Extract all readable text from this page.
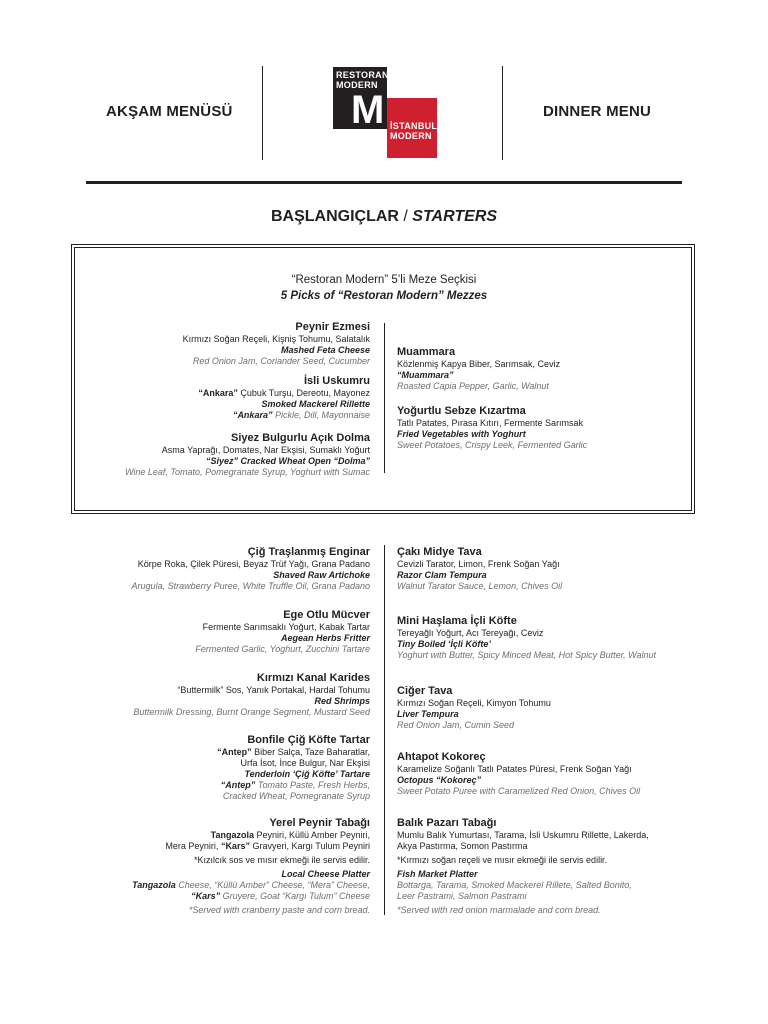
AKŞAM MENÜSÜ
RESTORAN
MODERN
M İSTANBUL
MODERN
DINNER MENU
BAŞLANGIÇLAR / STARTERS
“Restoran Modern” 5’li Meze Seçkisi
5 Picks of “Restoran Modern” Mezzes
Peynir Ezmesi
Kırmızı Soğan Reçeli, Kişniş Tohumu, Salatalık
Mashed Feta Cheese
Red Onion Jam, Coriander Seed, Cucumber
İsli Uskumru
“Ankara” Çubuk Turşu, Dereotu, Mayonez
Smoked Mackerel Rillette
“Ankara” Pickle, Dill, Mayonnaise
Siyez Bulgurlu Açık Dolma
Asma Yaprağı, Domates, Nar Ekşisi, Sumaklı Yoğurt
“Siyez” Cracked Wheat Open “Dolma”
Wine Leaf, Tomato, Pomegranate Syrup, Yoghurt with Sumac
Muammara
Közlenmiş Kapya Biber, Sarımsak, Ceviz
“Muammara”
Roasted Capia Pepper, Garlic, Walnut
Yoğurtlu Sebze Kızartma
Tatlı Patates, Pırasa Kıtırı, Fermente Sarımsak
Fried Vegetables with Yoghurt
Sweet Potatoes, Crispy Leek, Fermented Garlic
Çiğ Traşlanmış Enginar
Körpe Roka, Çilek Püresi, Beyaz Trüf Yağı, Grana Padano
Shaved Raw Artichoke
Arugula, Strawberry Puree, White Truffle Oil, Grana Padano
Ege Otlu Mücver
Fermente Sarımsaklı Yoğurt, Kabak Tartar
Aegean Herbs Fritter
Fermented Garlic, Yoghurt, Zucchini Tartare
Kırmızı Kanal Karides
“Buttermilk” Sos, Yanık Portakal, Hardal Tohumu
Red Shrimps
Buttermilk Dressing, Burnt Orange Segment, Mustard Seed
Bonfile Çiğ Köfte Tartar
“Antep” Biber Salça, Taze Baharatlar,
Urfa İsot, İnce Bulgur, Nar Ekşisi
Tenderloin ‘Çiğ Köfte’ Tartare
“Antep” Tomato Paste, Fresh Herbs,
Cracked Wheat, Pomegranate Syrup
Yerel Peynir Tabağı
Tangazola Peyniri, Küllü Amber Peyniri,
Mera Peyniri, “Kars” Gravyeri, Kargı Tulum Peyniri
*Kızılcık sos ve mısır ekmeği ile servis edilir.
Local Cheese Platter
Tangazola Cheese, “Küllü Amber” Cheese, “Mera” Cheese,
“Kars” Gruyere, Goat “Kargı Tulum” Cheese
*Served with cranberry paste and corn bread.
Çakı Midye Tava
Cevizli Tarator, Limon, Frenk Soğan Yağı
Razor Clam Tempura
Walnut Tarator Sauce, Lemon, Chives Oil
Mini Haşlama İçli Köfte
Tereyağlı Yoğurt, Acı Tereyağı, Ceviz
Tiny Boiled ‘İçli Köfte’
Yoghurt with Butter, Spicy Minced Meat, Hot Spicy Butter, Walnut
Ciğer Tava
Kırmızı Soğan Reçeli, Kimyon Tohumu
Liver Tempura
Red Onion Jam, Cumin Seed
Ahtapot Kokoreç
Karamelize Soğanlı Tatlı Patates Püresi, Frenk Soğan Yağı
Octopus “Kokoreç”
Sweet Potato Puree with Caramelized Red Onion, Chives Oil
Balık Pazarı Tabağı
Mumlu Balık Yumurtası, Tarama, İsli Uskumru Rillette, Lakerda,
Akya Pastırma, Somon Pastırma
*Kırmızı soğan reçeli ve mısır ekmeği ile servis edilir.
Fish Market Platter
Bottarga, Tarama, Smoked Mackerel Rillete, Salted Bonito,
Leer Pastrami, Salmon Pastrami
*Served with red onion marmalade and corn bread.
